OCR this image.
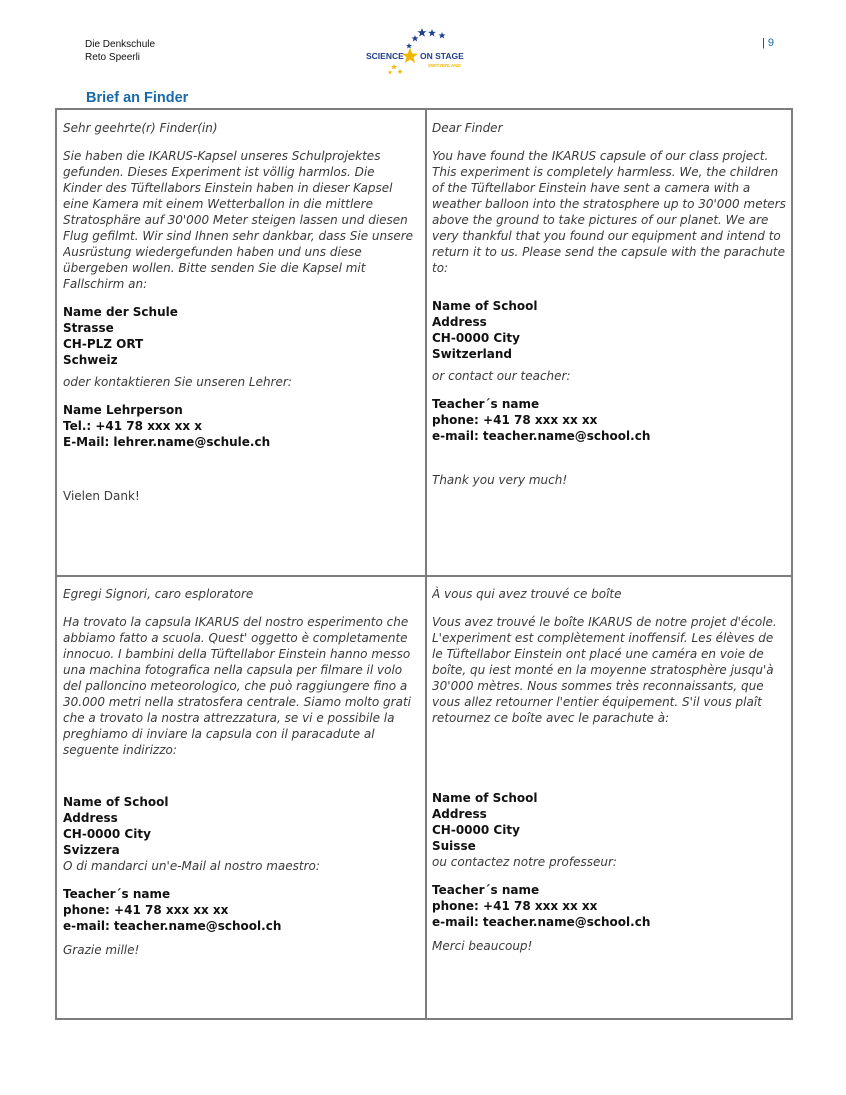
Die Denkschule
Reto Speerli	SCIENCE ON STAGE
SWITZERLAND
| 9
Brief an Finder

Sehr geehrte(r) Finder(in)

Sie haben die IKARUS-Kapsel unseres Schulprojektes gefunden. Dieses Experiment ist völlig harmlos. Die Kinder des Tüftellabors Einstein haben in dieser Kapsel eine Kamera mit einem Wetterballon in die mittlere Stratosphäre auf 30'000 Meter steigen lassen und diesen Flug gefilmt. Wir sind Ihnen sehr dankbar, dass Sie unsere Ausrüstung wiedergefunden haben und uns diese übergeben wollen. Bitte senden Sie die Kapsel mit Fallschirm an:

Name der Schule

Strasse

CH-PLZ ORT

Schweiz

oder kontaktieren Sie unseren Lehrer:

Name Lehrperson

Tel.: +41 78 xxx xx x

E-Mail: lehrer.name@schule.ch

Vielen Dank!

Dear Finder

You have found the IKARUS capsule of our class project. This experiment is completely harmless. We, the children of the Tüftellabor Einstein have sent a camera with a weather balloon into the stratosphere up to 30'000 meters above the ground to take pictures of our planet. We are very thankful that you found our equipment and intend to return it to us. Please send the capsule with the parachute to:

Name of School

Address

CH-0000 City

Switzerland

or contact our teacher:

Teacher´s name

phone: +41 78 xxx xx xx

e-mail: teacher.name@school.ch

Thank you very much!

Egregi Signori, caro esploratore

Ha trovato la capsula IKARUS del nostro esperimento che abbiamo fatto a scuola. Quest' oggetto è completamente innocuo. I bambini della Tüftellabor Einstein hanno messo una machina fotografica nella capsula per filmare il volo del palloncino meteorologico, che può raggiungere fino a 30.000 metri nella stratosfera centrale. Siamo molto grati che a trovato la nostra attrezzatura, se vi e possibile la preghiamo di inviare la capsula con il paracadute al seguente indirizzo:

Name of School

Address

CH-0000 City

Svizzera

O di mandarci un'e-Mail al nostro maestro:

Teacher´s name

phone: +41 78 xxx xx xx

e-mail: teacher.name@school.ch

Grazie mille!

À vous qui avez trouvé ce boîte

Vous avez trouvé le boîte IKARUS de notre projet d'école. L'experiment est complètement inoffensif. Les élèves de le Tüftellabor Einstein ont placé une caméra en voie de boîte, qu iest monté en la moyenne stratosphère jusqu'à 30'000 mètres. Nous sommes très reconnaissants, que vous allez retourner l'entier équipement. S'il vous plaît retournez ce boîte avec le parachute à:

Name of School

Address

CH-0000 City

Suisse

ou contactez notre professeur:

Teacher´s name

phone: +41 78 xxx xx xx

e-mail: teacher.name@school.ch

Merci beaucoup!
